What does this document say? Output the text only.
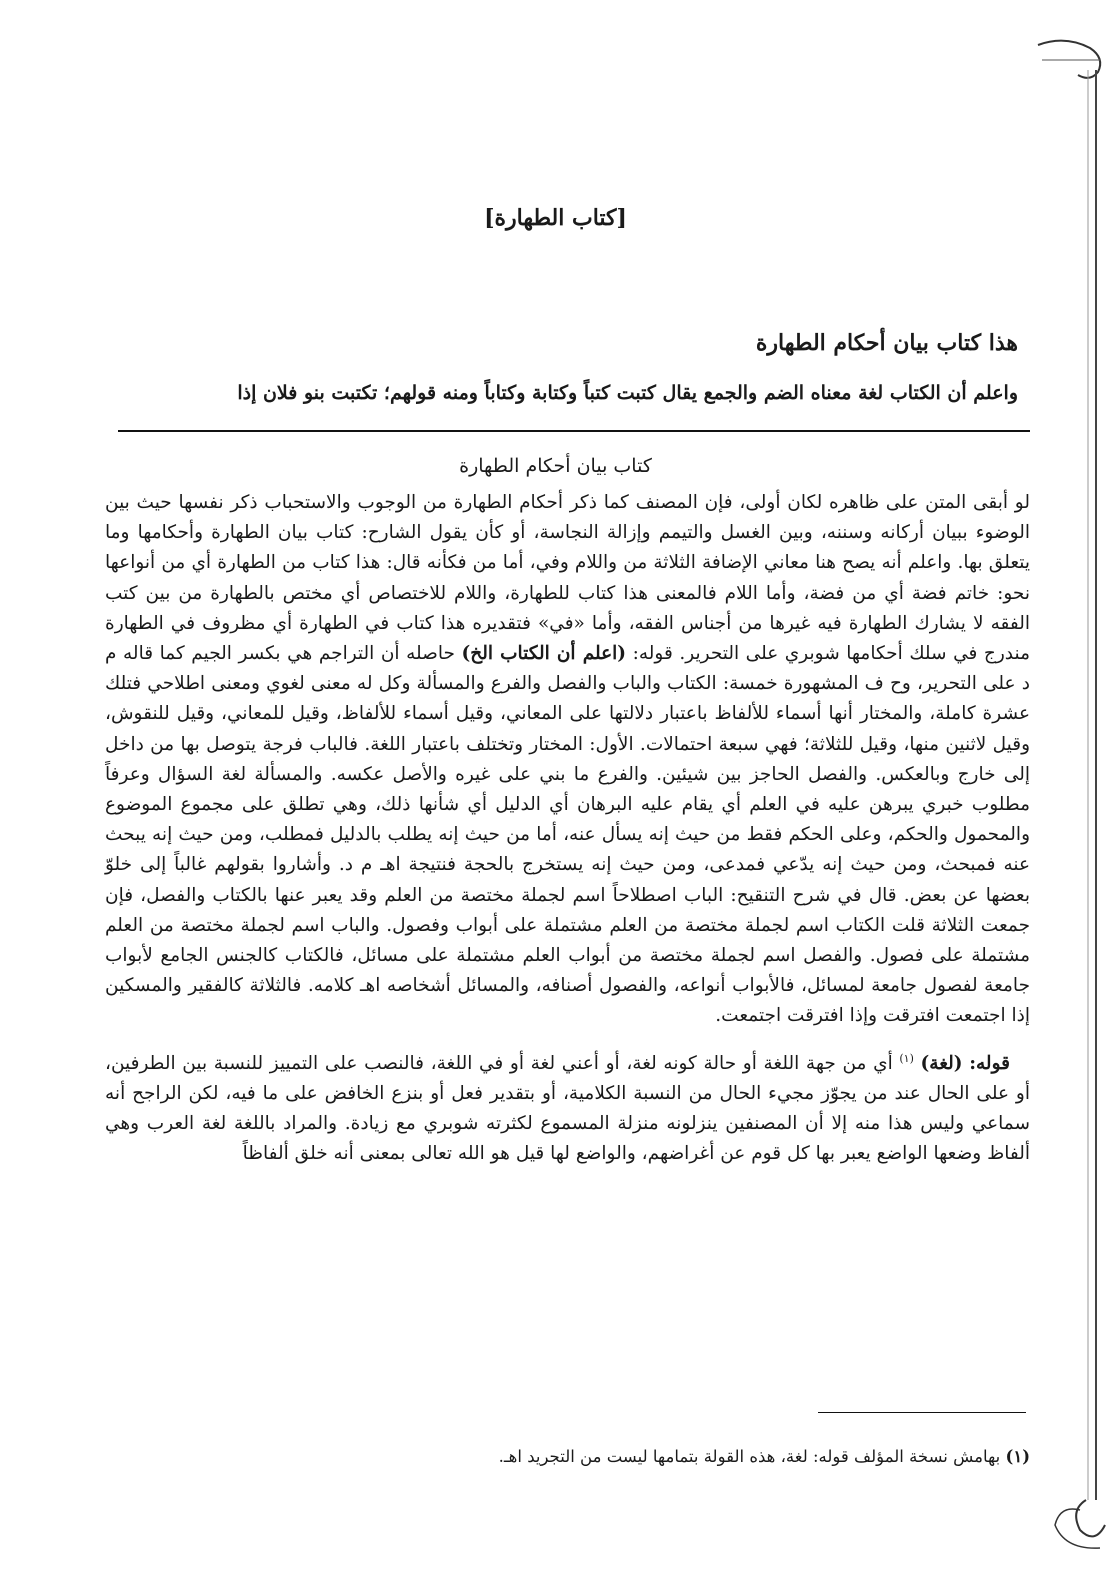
[كتاب الطهارة]
هذا كتاب بيان أحكام الطهارة
واعلم أن الكتاب لغة معناه الضم والجمع يقال كتبت كتباً وكتابة وكتاباً ومنه قولهم؛ تكتبت بنو فلان إذا
كتاب بيان أحكام الطهارة

لو أبقى المتن على ظاهره لكان أولى، فإن المصنف كما ذكر أحكام الطهارة من الوجوب والاستحباب ذكر نفسها حيث بين الوضوء ببيان أركانه وسننه، وبين الغسل والتيمم وإزالة النجاسة، أو كأن يقول الشارح: كتاب بيان الطهارة وأحكامها وما يتعلق بها. واعلم أنه يصح هنا معاني الإضافة الثلاثة من واللام وفي، أما من فكأنه قال: هذا كتاب من الطهارة أي من أنواعها نحو: خاتم فضة أي من فضة، وأما اللام فالمعنى هذا كتاب للطهارة، واللام للاختصاص أي مختص بالطهارة من بين كتب الفقه لا يشارك الطهارة فيه غيرها من أجناس الفقه، وأما «في» فتقديره هذا كتاب في الطهارة أي مظروف في الطهارة مندرج في سلك أحكامها شوبري على التحرير. قوله: (اعلم أن الكتاب الخ) حاصله أن التراجم هي بكسر الجيم كما قاله م د على التحرير، وح ف المشهورة خمسة: الكتاب والباب والفصل والفرع والمسألة وكل له معنى لغوي ومعنى اطلاحي فتلك عشرة كاملة، والمختار أنها أسماء للألفاظ باعتبار دلالتها على المعاني، وقيل أسماء للألفاظ، وقيل للمعاني، وقيل للنقوش، وقيل لاثنين منها، وقيل للثلاثة؛ فهي سبعة احتمالات. الأول: المختار وتختلف باعتبار اللغة. فالباب فرجة يتوصل بها من داخل إلى خارج وبالعكس. والفصل الحاجز بين شيئين. والفرع ما بني على غيره والأصل عكسه. والمسألة لغة السؤال وعرفاً مطلوب خبري يبرهن عليه في العلم أي يقام عليه البرهان أي الدليل أي شأنها ذلك، وهي تطلق على مجموع الموضوع والمحمول والحكم، وعلى الحكم فقط من حيث إنه يسأل عنه، أما من حيث إنه يطلب بالدليل فمطلب، ومن حيث إنه يبحث عنه فمبحث، ومن حيث إنه يدّعي فمدعى، ومن حيث إنه يستخرج بالحجة فنتيجة اهـ م د. وأشاروا بقولهم غالباً إلى خلوّ بعضها عن بعض. قال في شرح التنقيح: الباب اصطلاحاً اسم لجملة مختصة من العلم وقد يعبر عنها بالكتاب والفصل، فإن جمعت الثلاثة قلت الكتاب اسم لجملة مختصة من العلم مشتملة على أبواب وفصول. والباب اسم لجملة مختصة من العلم مشتملة على فصول. والفصل اسم لجملة مختصة من أبواب العلم مشتملة على مسائل، فالكتاب كالجنس الجامع لأبواب جامعة لفصول جامعة لمسائل، فالأبواب أنواعه، والفصول أصنافه، والمسائل أشخاصه اهـ كلامه. فالثلاثة كالفقير والمسكين إذا اجتمعت افترقت وإذا افترقت اجتمعت.

قوله: (لغة) $^{(١)}$ أي من جهة اللغة أو حالة كونه لغة، أو أعني لغة أو في اللغة، فالنصب على التمييز للنسبة بين الطرفين، أو على الحال عند من يجوّز مجيء الحال من النسبة الكلامية، أو بتقدير فعل أو بنزع الخافض على ما فيه، لكن الراجح أنه سماعي وليس هذا منه إلا أن المصنفين ينزلونه منزلة المسموع لكثرته شوبري مع زيادة. والمراد باللغة لغة العرب وهي ألفاظ وضعها الواضع يعبر بها كل قوم عن أغراضهم، والواضع لها قيل هو الله تعالى بمعنى أنه خلق ألفاظاً

(١) بهامش نسخة المؤلف قوله: لغة، هذه القولة بتمامها ليست من التجريد اهـ.
